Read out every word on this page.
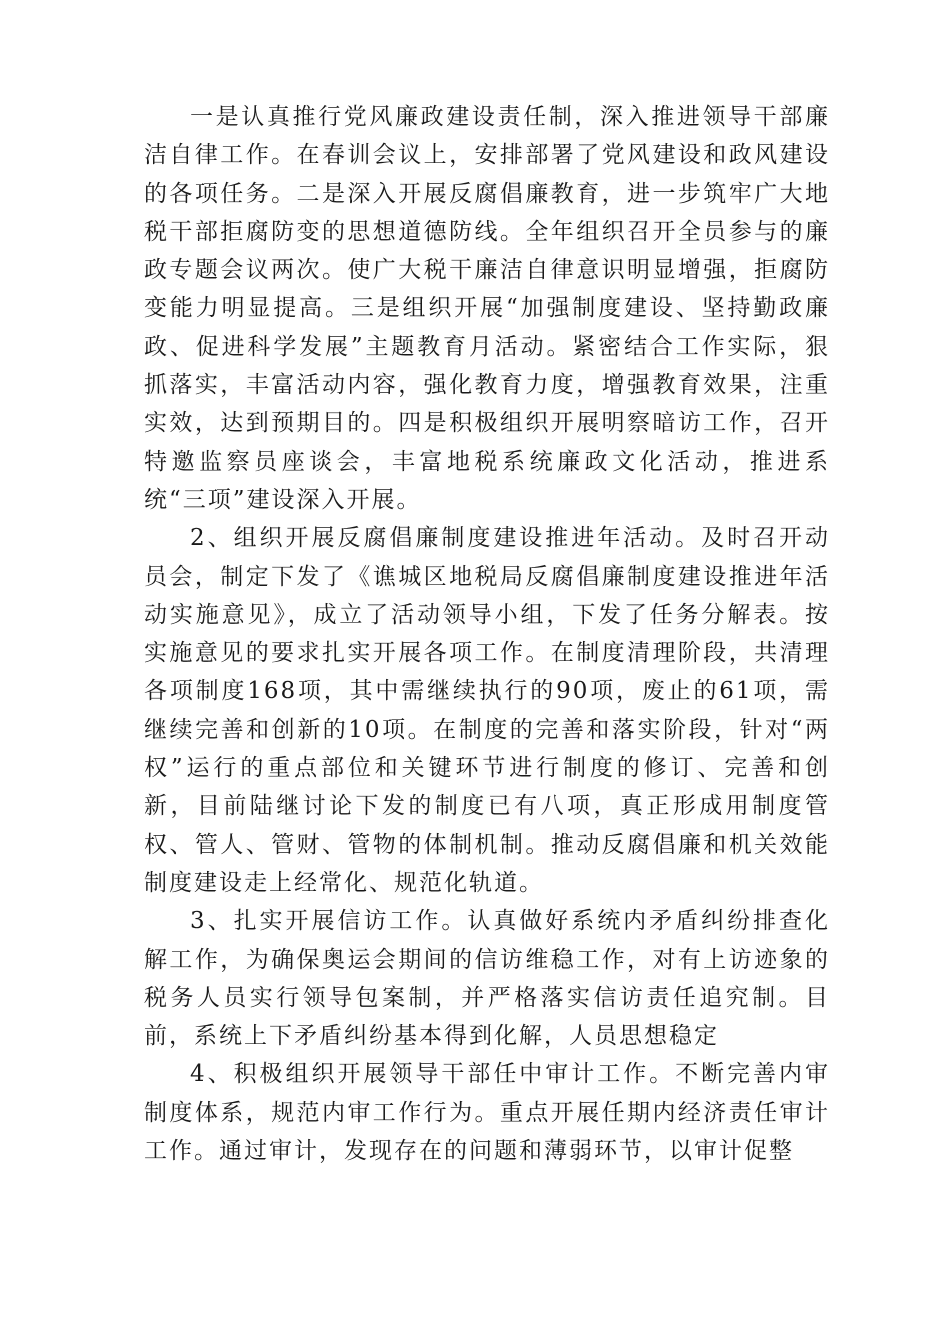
一是认真推行党风廉政建设责任制，深入推进领导干部廉洁自律工作。在春训会议上，安排部署了党风建设和政风建设的各项任务。二是深入开展反腐倡廉教育，进一步筑牢广大地税干部拒腐防变的思想道德防线。全年组织召开全员参与的廉政专题会议两次。使广大税干廉洁自律意识明显增强，拒腐防变能力明显提高。三是组织开展“加强制度建设、坚持勤政廉政、促进科学发展”主题教育月活动。紧密结合工作实际，狠抓落实，丰富活动内容，强化教育力度，增强教育效果，注重实效，达到预期目的。四是积极组织开展明察暗访工作，召开特邀监察员座谈会，丰富地税系统廉政文化活动，推进系统“三项”建设深入开展。

2、组织开展反腐倡廉制度建设推进年活动。及时召开动员会，制定下发了《谯城区地税局反腐倡廉制度建设推进年活动实施意见》，成立了活动领导小组，下发了任务分解表。按实施意见的要求扎实开展各项工作。在制度清理阶段，共清理各项制度168项，其中需继续执行的90项，废止的61项，需继续完善和创新的10项。在制度的完善和落实阶段，针对“两权”运行的重点部位和关键环节进行制度的修订、完善和创新，目前陆继讨论下发的制度已有八项，真正形成用制度管权、管人、管财、管物的体制机制。推动反腐倡廉和机关效能制度建设走上经常化、规范化轨道。

3、扎实开展信访工作。认真做好系统内矛盾纠纷排查化解工作，为确保奥运会期间的信访维稳工作，对有上访迹象的税务人员实行领导包案制，并严格落实信访责任追究制。目前，系统上下矛盾纠纷基本得到化解，人员思想稳定

4、积极组织开展领导干部任中审计工作。不断完善内审制度体系，规范内审工作行为。重点开展任期内经济责任审计工作。通过审计，发现存在的问题和薄弱环节，以审计促整
